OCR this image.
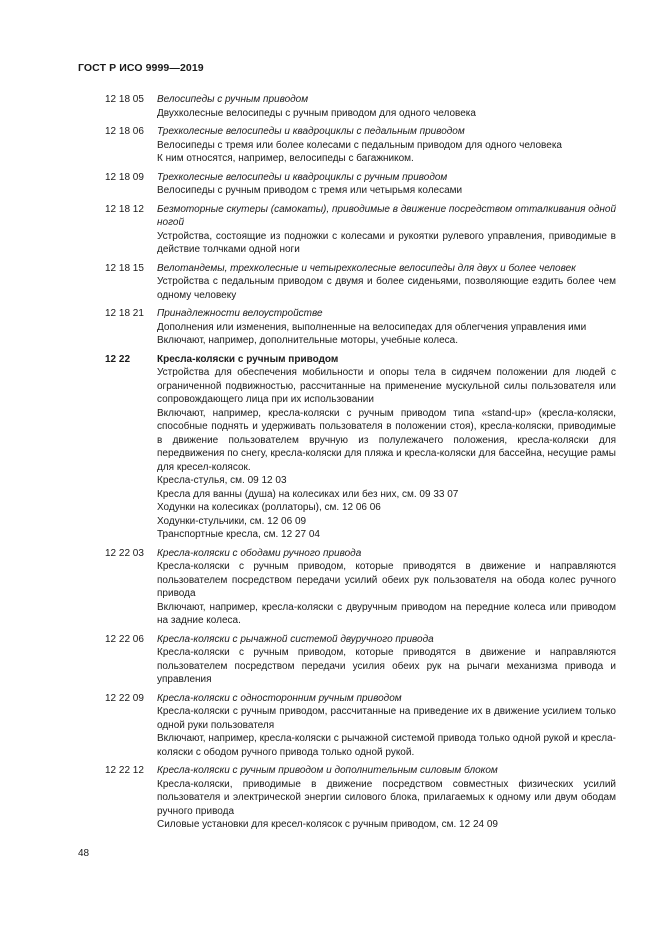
ГОСТ Р ИСО 9999—2019
12 18 05	Велосипеды с ручным приводом
Двухколесные велосипеды с ручным приводом для одного человека
12 18 06	Трехколесные велосипеды и квадроциклы с педальным приводом
Велосипеды с тремя или более колесами с педальным приводом для одного человека
К ним относятся, например, велосипеды с багажником.
12 18 09	Трехколесные велосипеды и квадроциклы с ручным приводом
Велосипеды с ручным приводом с тремя или четырьмя колесами
12 18 12	Безмоторные скутеры (самокаты), приводимые в движение посредством отталкивания одной ногой
Устройства, состоящие из подножки с колесами и рукоятки рулевого управления, приводимые в действие толчками одной ноги
12 18 15	Велотандемы, трехколесные и четырехколесные велосипеды для двух и более человек
Устройства с педальным приводом с двумя и более сиденьями, позволяющие ездить более чем одному человеку
12 18 21	Принадлежности велоустройстве
Дополнения или изменения, выполненные на велосипедах для облегчения управления ими
Включают, например, дополнительные моторы, учебные колеса.
12 22	Кресла-коляски с ручным приводом
Устройства для обеспечения мобильности и опоры тела в сидячем положении для людей с ограниченной подвижностью, рассчитанные на применение мускульной силы пользователя или сопровождающего лица при их использовании
Включают, например, кресла-коляски с ручным приводом типа «stand-up» (кресла-коляски, способные поднять и удерживать пользователя в положении стоя), кресла-коляски, приводимые в движение пользователем вручную из полулежачего положения, кресла-коляски для передвижения по снегу, кресла-коляски для пляжа и кресла-коляски для бассейна, несущие рамы для кресел-колясок.
Кресла-стулья, см. 09 12 03
Кресла для ванны (душа) на колесиках или без них, см. 09 33 07
Ходунки на колесиках (роллаторы), см. 12 06 06
Ходунки-стульчики, см. 12 06 09
Транспортные кресла, см. 12 27 04
12 22 03	Кресла-коляски с ободами ручного привода
Кресла-коляски с ручным приводом, которые приводятся в движение и направляются пользователем посредством передачи усилий обеих рук пользователя на обода колес ручного привода
Включают, например, кресла-коляски с двуручным приводом на передние колеса или приводом на задние колеса.
12 22 06	Кресла-коляски с рычажной системой двуручного привода
Кресла-коляски с ручным приводом, которые приводятся в движение и направляются пользователем посредством передачи усилия обеих рук на рычаги механизма привода и управления
12 22 09	Кресла-коляски с односторонним ручным приводом
Кресла-коляски с ручным приводом, рассчитанные на приведение их в движение усилием только одной руки пользователя
Включают, например, кресла-коляски с рычажной системой привода только одной рукой и кресла-коляски с ободом ручного привода только одной рукой.
12 22 12	Кресла-коляски с ручным приводом и дополнительным силовым блоком
Кресла-коляски, приводимые в движение посредством совместных физических усилий пользователя и электрической энергии силового блока, прилагаемых к одному или двум ободам ручного привода
Силовые установки для кресел-колясок с ручным приводом, см. 12 24 09
48
